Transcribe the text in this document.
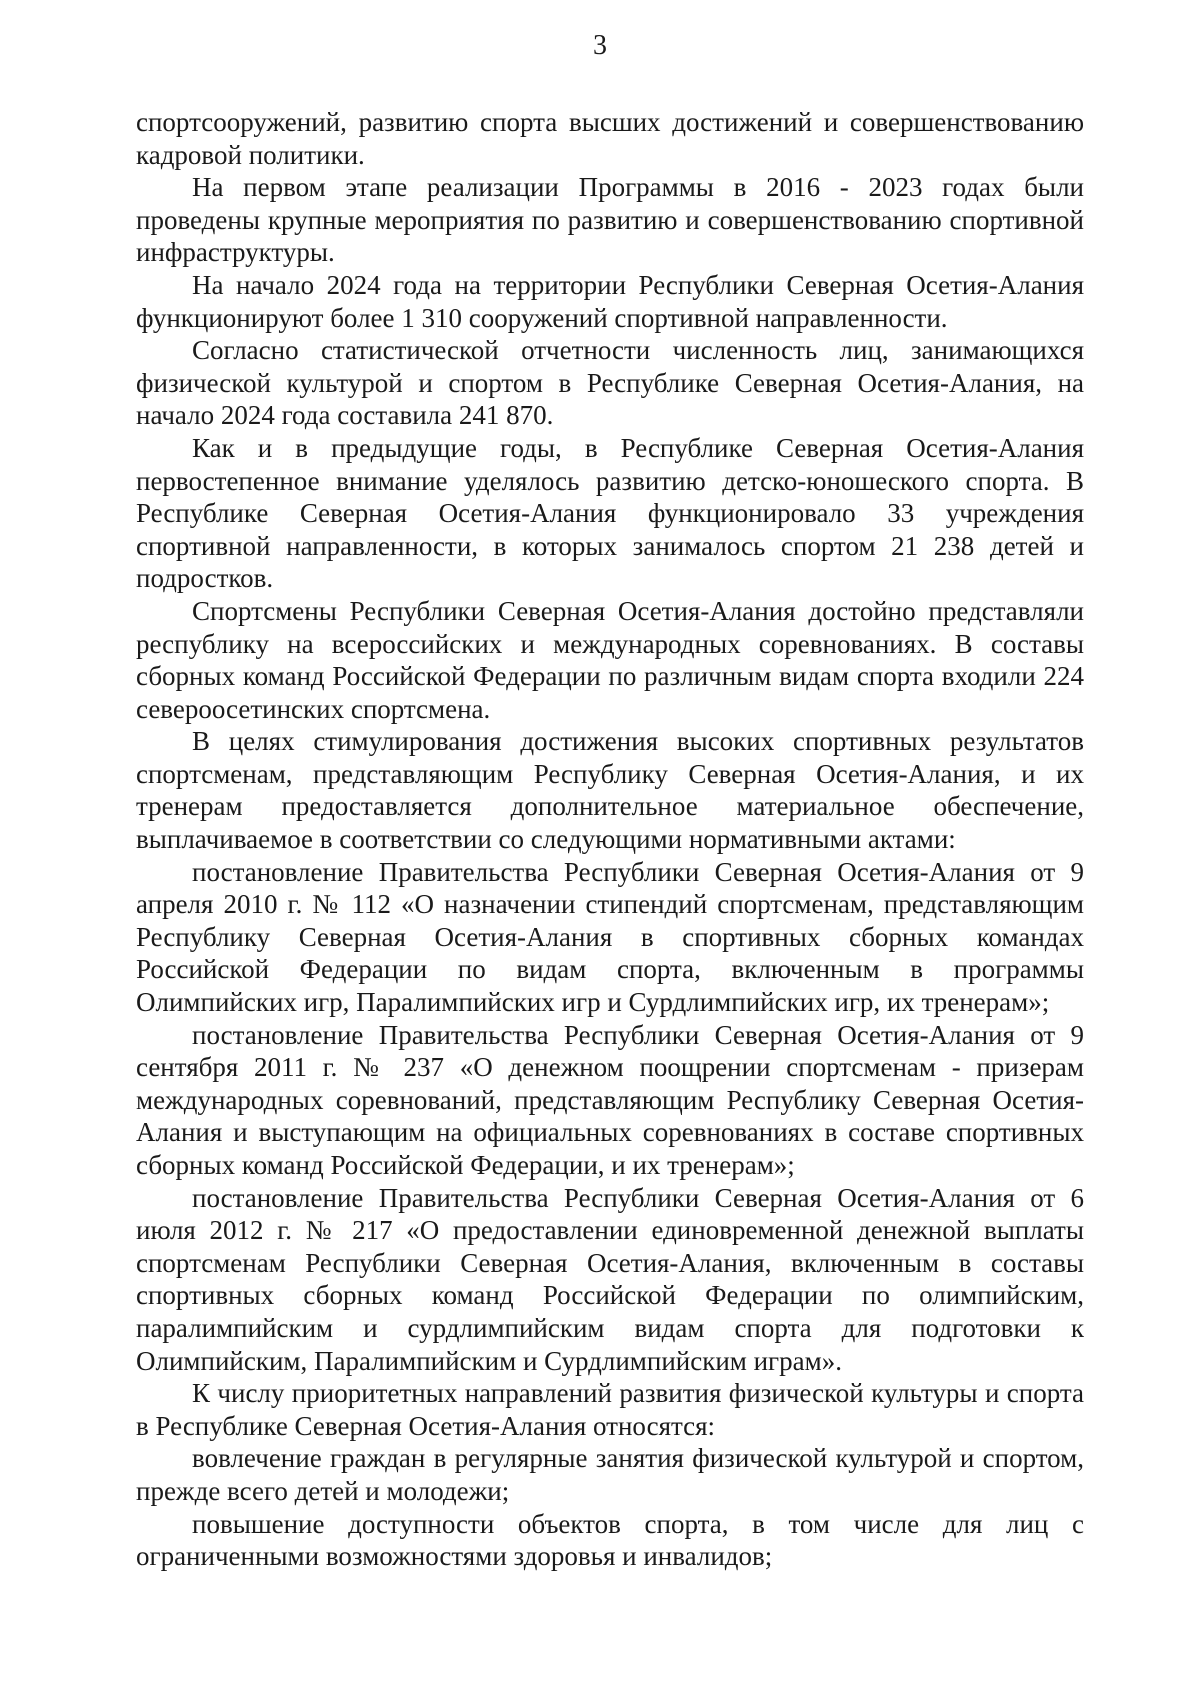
3

спортсооружений, развитию спорта высших достижений и совершенствованию кадровой политики.

На первом этапе реализации Программы в 2016 - 2023 годах были проведены крупные мероприятия по развитию и совершенствованию спортивной инфраструктуры.

На начало 2024 года на территории Республики Северная Осетия-Алания функционируют более 1 310 сооружений спортивной направленности.

Согласно статистической отчетности численность лиц, занимающихся физической культурой и спортом в Республике Северная Осетия-Алания, на начало 2024 года составила 241 870.

Как и в предыдущие годы, в Республике Северная Осетия-Алания первостепенное внимание уделялось развитию детско-юношеского спорта. В Республике Северная Осетия-Алания функционировало 33 учреждения спортивной направленности, в которых занималось спортом 21 238 детей и подростков.

Спортсмены Республики Северная Осетия-Алания достойно представляли республику на всероссийских и международных соревнованиях. В составы сборных команд Российской Федерации по различным видам спорта входили 224 североосетинских спортсмена.

В целях стимулирования достижения высоких спортивных результатов спортсменам, представляющим Республику Северная Осетия-Алания, и их тренерам предоставляется дополнительное материальное обеспечение, выплачиваемое в соответствии со следующими нормативными актами:

постановление Правительства Республики Северная Осетия-Алания от 9 апреля 2010 г. № 112 «О назначении стипендий спортсменам, представляющим Республику Северная Осетия-Алания в спортивных сборных командах Российской Федерации по видам спорта, включенным в программы Олимпийских игр, Паралимпийских игр и Сурдлимпийских игр, их тренерам»;

постановление Правительства Республики Северная Осетия-Алания от 9 сентября 2011 г. № 237 «О денежном поощрении спортсменам - призерам международных соревнований, представляющим Республику Северная Осетия-Алания и выступающим на официальных соревнованиях в составе спортивных сборных команд Российской Федерации, и их тренерам»;

постановление Правительства Республики Северная Осетия-Алания от 6 июля 2012 г. № 217 «О предоставлении единовременной денежной выплаты спортсменам Республики Северная Осетия-Алания, включенным в составы спортивных сборных команд Российской Федерации по олимпийским, паралимпийским и сурдлимпийским видам спорта для подготовки к Олимпийским, Паралимпийским и Сурдлимпийским играм».

К числу приоритетных направлений развития физической культуры и спорта в Республике Северная Осетия-Алания относятся:

вовлечение граждан в регулярные занятия физической культурой и спортом, прежде всего детей и молодежи;

повышение доступности объектов спорта, в том числе для лиц с ограниченными возможностями здоровья и инвалидов;
